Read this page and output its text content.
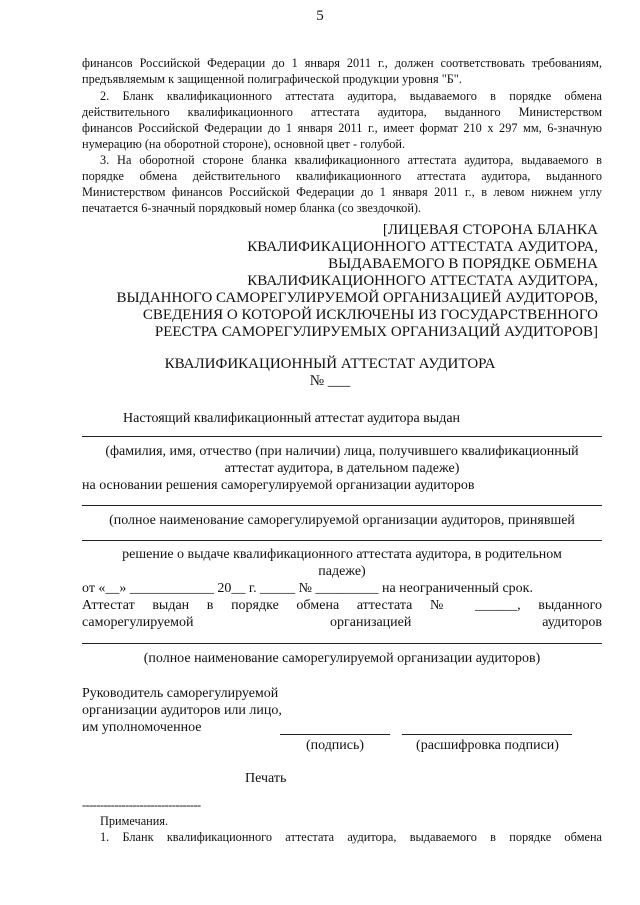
5
финансов Российской Федерации до 1 января 2011 г., должен соответствовать требованиям,
предъявляемым к защищенной полиграфической продукции уровня "Б".
2. Бланк квалификационного аттестата аудитора, выдаваемого в порядке обмена
действительного квалификационного аттестата аудитора, выданного Министерством
финансов Российской Федерации до 1 января 2011 г., имеет формат 210 x 297 мм, 6-значную
нумерацию (на оборотной стороне), основной цвет - голубой.
3. На оборотной стороне бланка квалификационного аттестата аудитора, выдаваемого в
порядке обмена действительного квалификационного аттестата аудитора, выданного
Министерством финансов Российской Федерации до 1 января 2011 г., в левом нижнем углу
печатается 6-значный порядковый номер бланка (со звездочкой).
[ЛИЦЕВАЯ СТОРОНА БЛАНКА
КВАЛИФИКАЦИОННОГО АТТЕСТАТА АУДИТОРА,
ВЫДАВАЕМОГО В ПОРЯДКЕ ОБМЕНА
КВАЛИФИКАЦИОННОГО АТТЕСТАТА АУДИТОРА,
ВЫДАННОГО САМОРЕГУЛИРУЕМОЙ ОРГАНИЗАЦИЕЙ АУДИТОРОВ,
СВЕДЕНИЯ О КОТОРОЙ ИСКЛЮЧЕНЫ ИЗ ГОСУДАРСТВЕННОГО
РЕЕСТРА САМОРЕГУЛИРУЕМЫХ ОРГАНИЗАЦИЙ АУДИТОРОВ]
КВАЛИФИКАЦИОННЫЙ АТТЕСТАТ АУДИТОРА
№ ___
Настоящий квалификационный аттестат аудитора выдан
(фамилия, имя, отчество (при наличии) лица, получившего квалификационный
аттестат аудитора, в дательном падеже)
на основании решения саморегулируемой организации аудиторов
(полное наименование саморегулируемой организации аудиторов, принявшей
решение о выдаче квалификационного аттестата аудитора, в родительном
падеже)
от «__» ____________ 20__ г. _____ № _________ на неограниченный срок.
Аттестат выдан в порядке обмена аттестата № ______, выданного
саморегулируемой	организацией	аудиторов
(полное наименование саморегулируемой организации аудиторов)
Руководитель саморегулируемой
организации аудиторов или лицо,
им уполномоченное
(подпись)	(расшифровка подписи)
Печать
---------------------------------
Примечания.
1. Бланк квалификационного аттестата аудитора, выдаваемого в порядке обмена
